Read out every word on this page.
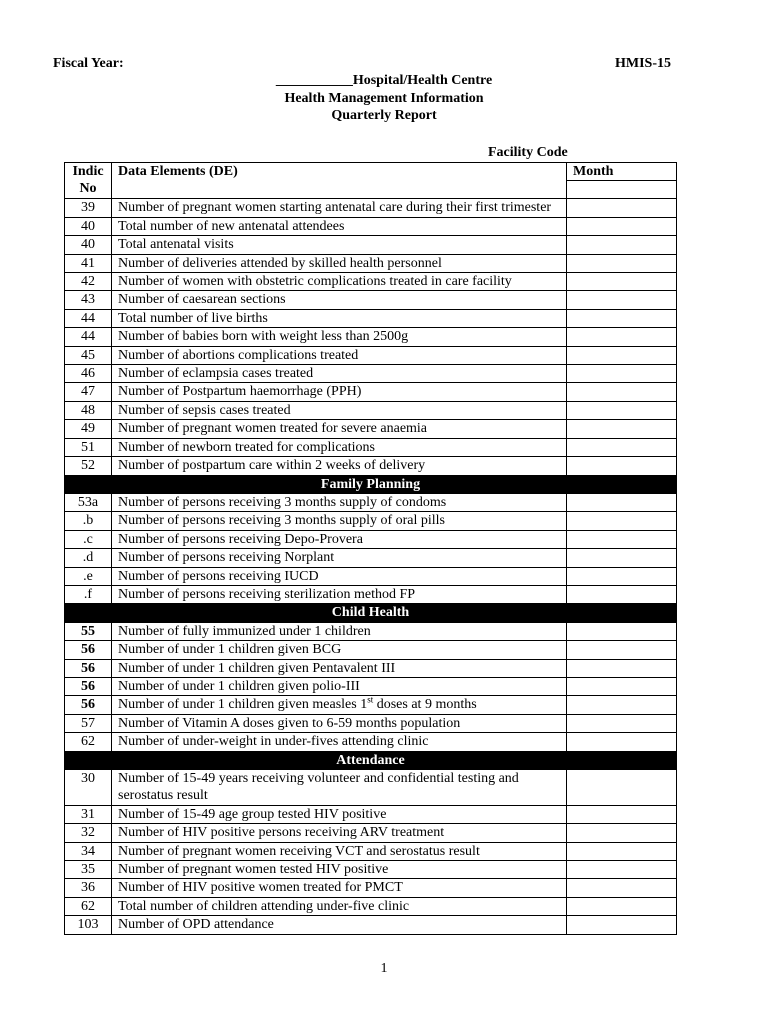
Fiscal Year:	HMIS-15
___________Hospital/Health Centre
Health Management Information
Quarterly Report
Facility Code
Indic No	Data Elements (DE)	Month

39	Number of pregnant women starting antenatal care during their first trimester	
40	Total number of new antenatal attendees	
40	Total antenatal visits	
41	Number of deliveries attended by skilled health personnel	
42	Number of women with obstetric complications treated in care facility	
43	Number of caesarean sections	
44	Total number of live births	
44	Number of babies born with weight less than 2500g	
45	Number of abortions complications treated	
46	Number of eclampsia cases treated	
47	Number of Postpartum haemorrhage (PPH)	
48	Number of sepsis cases treated	
49	Number of pregnant women treated for severe anaemia	
51	Number of newborn treated for complications	
52	Number of postpartum care within 2 weeks of delivery	
Family Planning		
53a	Number of persons receiving 3 months supply of condoms	
.b	Number of persons receiving 3 months supply of oral pills	
.c	Number of persons receiving Depo-Provera	
.d	Number of persons receiving Norplant	
.e	Number of persons receiving IUCD	
.f	Number of persons receiving sterilization method FP	
Child Health		
55	Number of fully immunized under 1 children	
56	Number of under 1 children given BCG	
56	Number of under 1 children given Pentavalent III	
56	Number of under 1 children given polio-III	
56	Number of under 1 children given measles 1st doses at 9 months	
57	Number of Vitamin A doses given to 6-59 months population	
62	Number of under-weight in under-fives attending clinic	
Attendance		
30	Number of 15-49 years receiving volunteer and confidential testing and serostatus result	
31	Number of 15-49 age group tested HIV positive	
32	Number of HIV positive persons receiving ARV treatment	
34	Number of pregnant women receiving VCT and serostatus result	
35	Number of pregnant women tested HIV positive	
36	Number of HIV positive women treated for PMCT	
62	Total number of children attending under-five clinic	
103	Number of OPD attendance	
1
